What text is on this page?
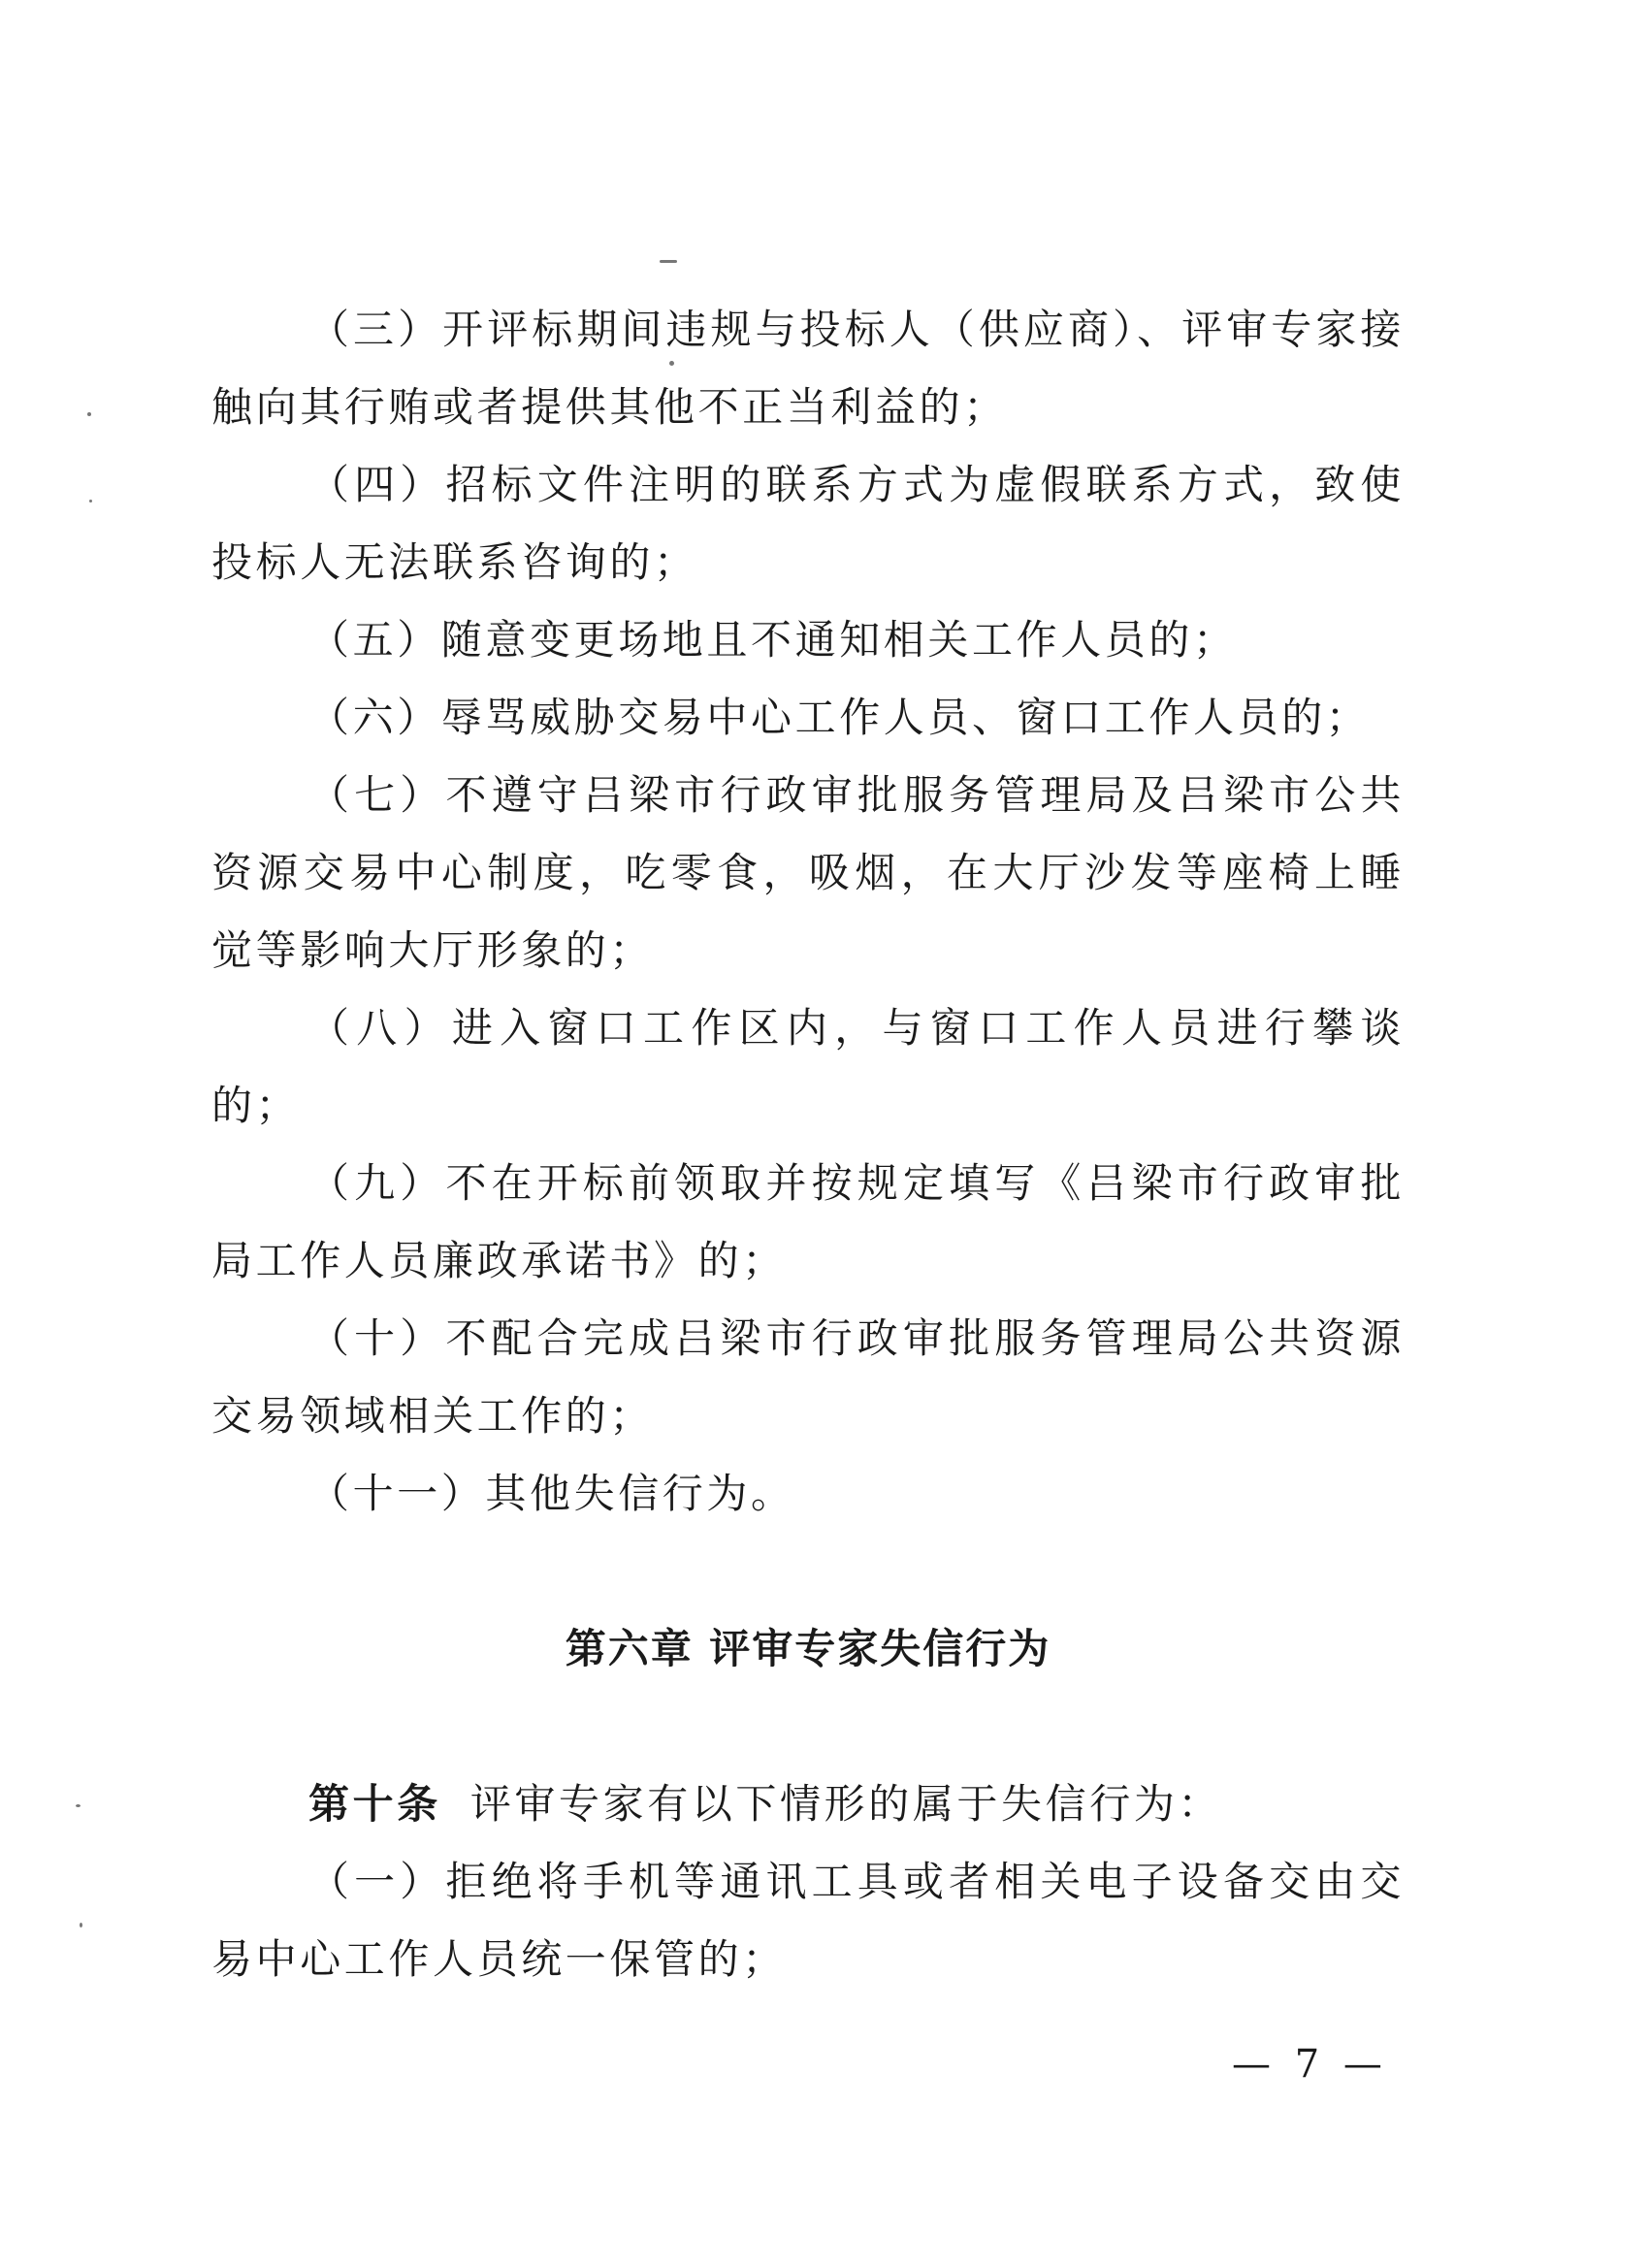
（三）开评标期间违规与投标人（供应商）、评审专家接触向其行贿或者提供其他不正当利益的；

（四）招标文件注明的联系方式为虚假联系方式，致使投标人无法联系咨询的；

（五）随意变更场地且不通知相关工作人员的；

（六）辱骂威胁交易中心工作人员、窗口工作人员的；

（七）不遵守吕梁市行政审批服务管理局及吕梁市公共资源交易中心制度，吃零食，吸烟，在大厅沙发等座椅上睡觉等影响大厅形象的；

（八）进入窗口工作区内，与窗口工作人员进行攀谈的；

（九）不在开标前领取并按规定填写《吕梁市行政审批局工作人员廉政承诺书》的；

（十）不配合完成吕梁市行政审批服务管理局公共资源交易领域相关工作的；

（十一）其他失信行为。

第六章 评审专家失信行为

第十条 评审专家有以下情形的属于失信行为：

（一）拒绝将手机等通讯工具或者相关电子设备交由交易中心工作人员统一保管的；

— 7 —
